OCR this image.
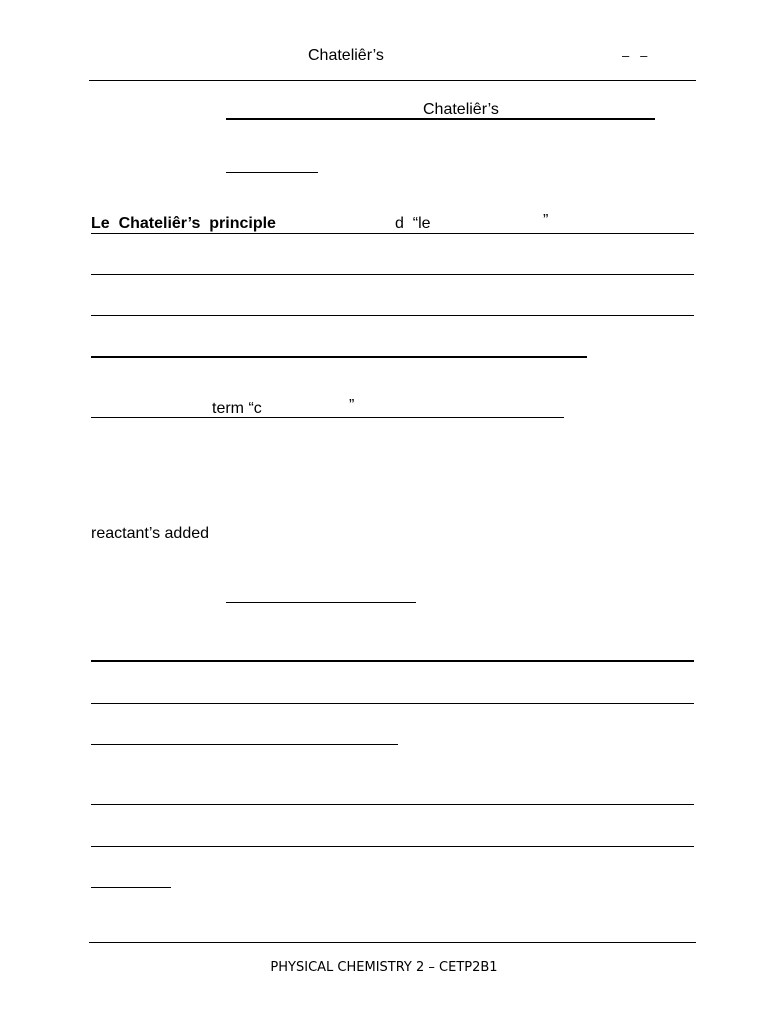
Chateliêr’s	–   –
Chateliêr’s
Le  Chateliêr’s  principle	d  “le	”
term “c	”
reactant’s added
PHYSICAL CHEMISTRY 2 – CETP2B1
